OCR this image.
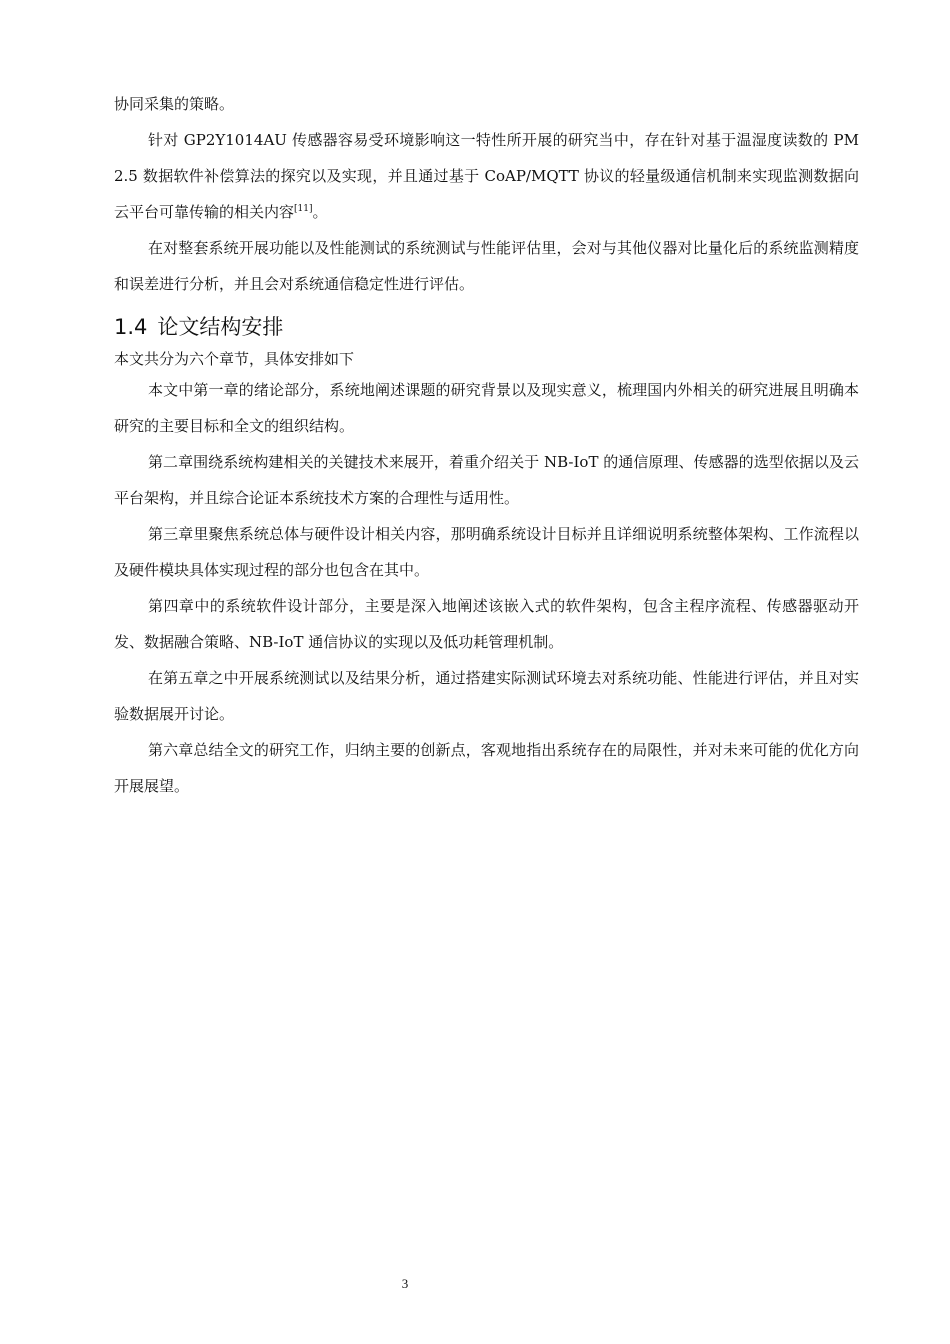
协同采集的策略。

针对 GP2Y1014AU 传感器容易受环境影响这一特性所开展的研究当中，存在针对基于温湿度读数的 PM2.5 数据软件补偿算法的探究以及实现，并且通过基于 CoAP/MQTT 协议的轻量级通信机制来实现监测数据向云平台可靠传输的相关内容[11]。

在对整套系统开展功能以及性能测试的系统测试与性能评估里，会对与其他仪器对比量化后的系统监测精度和误差进行分析，并且会对系统通信稳定性进行评估。

1.4 论文结构安排

本文共分为六个章节，具体安排如下

本文中第一章的绪论部分，系统地阐述课题的研究背景以及现实意义，梳理国内外相关的研究进展且明确本研究的主要目标和全文的组织结构。

第二章围绕系统构建相关的关键技术来展开，着重介绍关于 NB-IoT 的通信原理、传感器的选型依据以及云平台架构，并且综合论证本系统技术方案的合理性与适用性。

第三章里聚焦系统总体与硬件设计相关内容，那明确系统设计目标并且详细说明系统整体架构、工作流程以及硬件模块具体实现过程的部分也包含在其中。

第四章中的系统软件设计部分，主要是深入地阐述该嵌入式的软件架构，包含主程序流程、传感器驱动开发、数据融合策略、NB-IoT 通信协议的实现以及低功耗管理机制。

在第五章之中开展系统测试以及结果分析，通过搭建实际测试环境去对系统功能、性能进行评估，并且对实验数据展开讨论。

第六章总结全文的研究工作，归纳主要的创新点，客观地指出系统存在的局限性，并对未来可能的优化方向开展展望。

3
